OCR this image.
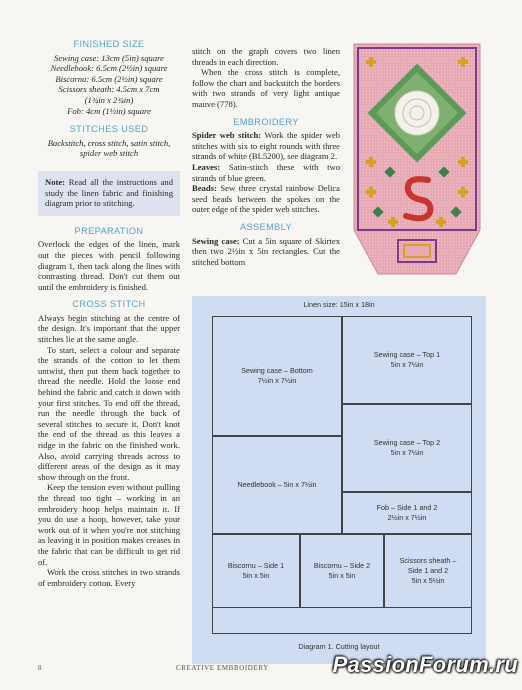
FINISHED SIZE
Sewing case: 13cm (5in) square
Needlebook: 6.5cm (2½in) square
Biscornu: 6.5cm (2½in) square
Scissors sheath: 4.5cm x 7cm
(1¾in x 2¾in)
Fob: 4cm (1½in) square
STITCHES USED
Backstitch, cross stitch, satin stitch, spider web stitch

Note: Read all the instructions and study the linen fabric and finishing diagram prior to stitching.

PREPARATION

Overlock the edges of the linen, mark out the pieces with pencil following diagram 1, then tack along the lines with contrasting thread. Don't cut them out until the embroidery is finished.

CROSS STITCH

Always begin stitching at the centre of the design. It's important that the upper stitches lie at the same angle.

To start, select a colour and separate the strands of the cotton to let them untwist, then put them back together to thread the needle. Hold the loose end behind the fabric and catch it down with your first stitches. To end off the thread, run the needle through the back of several stitches to secure it. Don't knot the end of the thread as this leaves a ridge in the fabric on the finished work. Also, avoid carrying threads across to different areas of the design as it may show through on the front.

Keep the tension even without pulling the thread too tight – working in an embroidery hoop helps maintain it. If you do use a hoop, however, take your work out of it when you're not stitching as leaving it in position makes creases in the fabric that can be difficult to get rid of.

Work the cross stitches in two strands of embroidery cotton. Every

stitch on the graph covers two linen threads in each direction.

When the cross stitch is complete, follow the chart and backstitch the borders with two strands of very light antique mauve (778).

EMBROIDERY

Spider web stitch: Work the spider web stitches with six to eight rounds with three strands of white (BL5200), see diagram 2.

Leaves: Satin-stitch these with two strands of blue green.

Beads: Sew three crystal rainbow Delica seed beads between the spokes on the outer edge of the spider web stitches.

ASSEMBLY

Sewing case: Cut a 5in square of Skirtex then two 2½in x 5in rectangles. Cut the stitched bottom

Linen size: 15in x 18in
Sewing case – Bottom
7½in x 7½in
Sewing case – Top 1
5in x 7½in
Sewing case – Top 2
5in x 7½in
Needlebook – 5in x 7½in
Fob – Side 1 and 2
2½in x 7½in
Biscornu – Side 1
5in x 5in
Biscornu – Side 2
5in x 5in
Scissors sheath – Side 1 and 2
5in x 5½in
Diagram 1. Cutting layout
8	CREATIVE EMBROIDERY	PassionForum.ru
